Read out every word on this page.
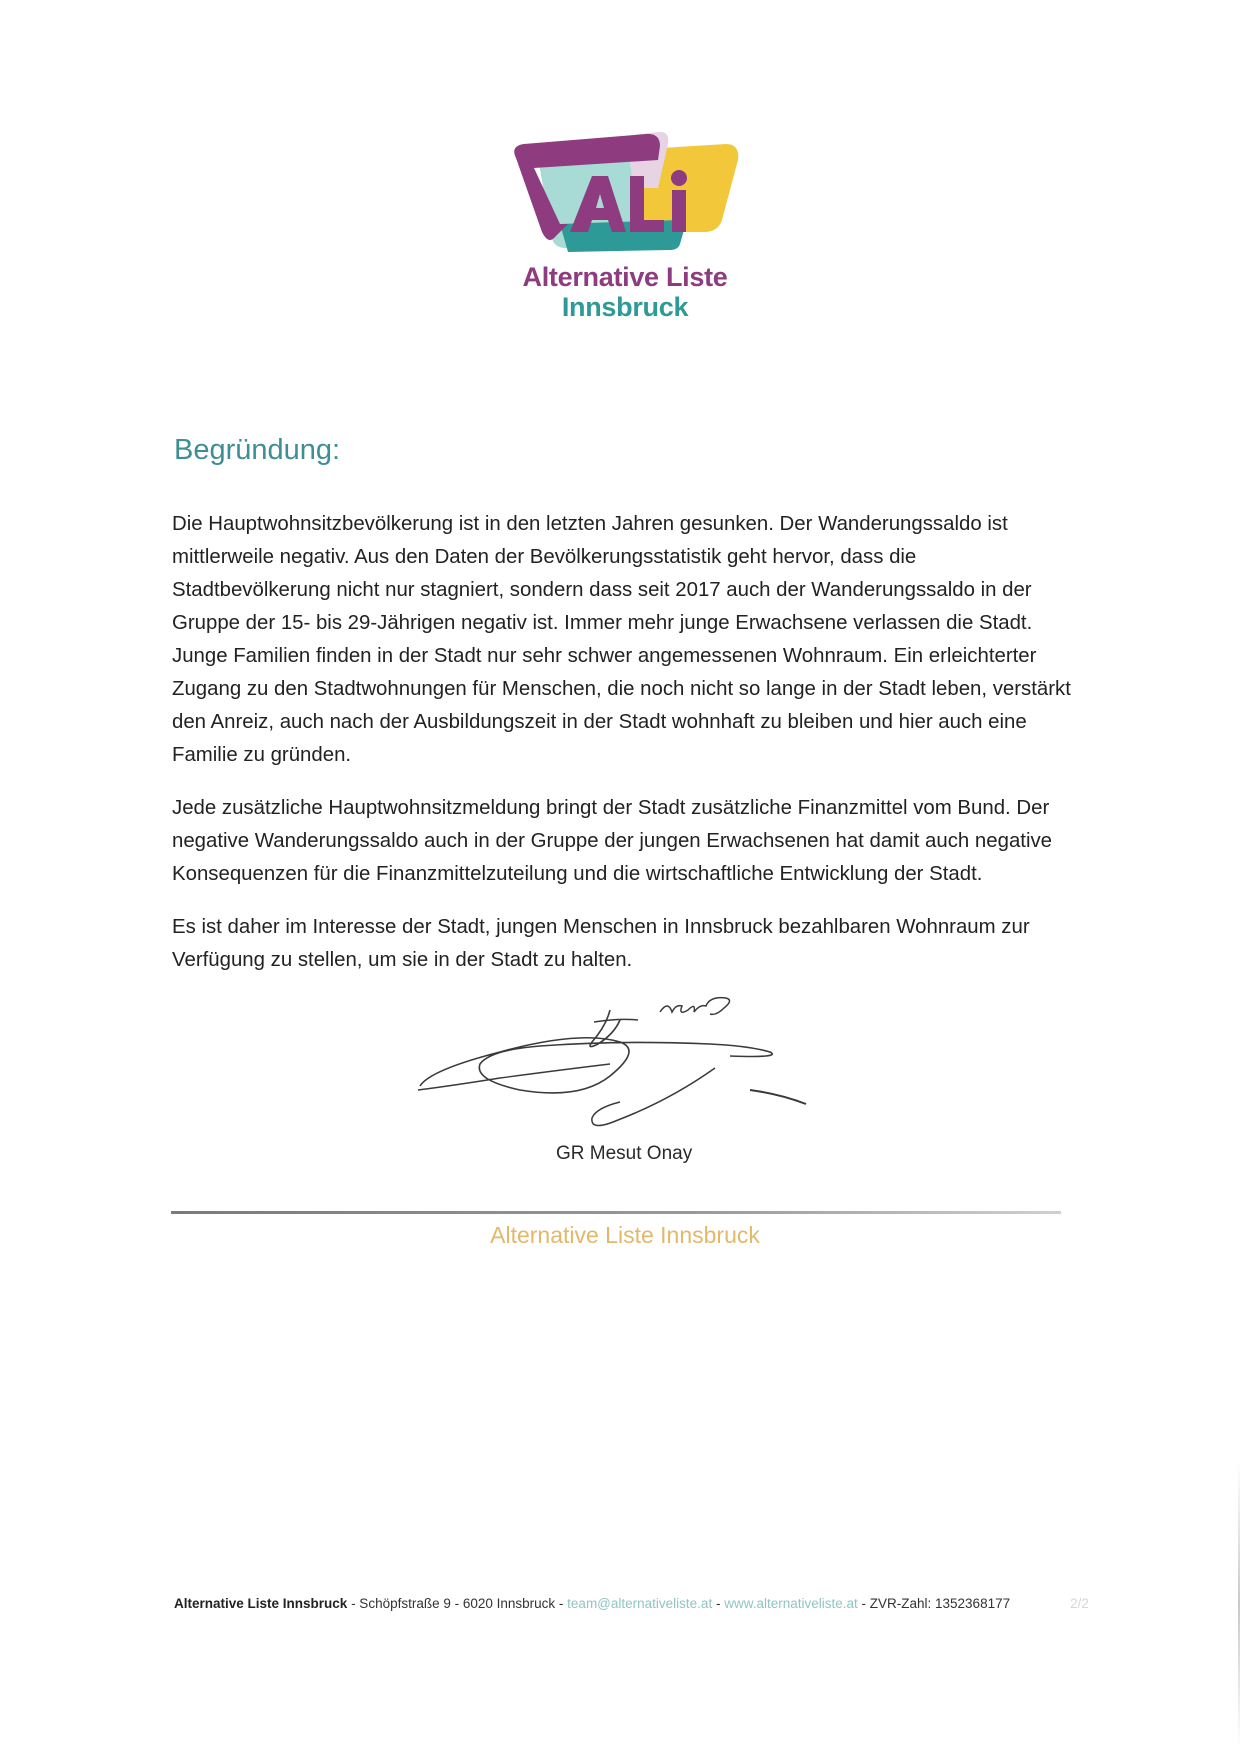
Alternative Liste
Innsbruck
Begründung:

Die Hauptwohnsitzbevölkerung ist in den letzten Jahren gesunken. Der Wanderungssaldo ist mittlerweile negativ. Aus den Daten der Bevölkerungsstatistik geht hervor, dass die Stadtbevölkerung nicht nur stagniert, sondern dass seit 2017 auch der Wanderungssaldo in der Gruppe der 15- bis 29-Jährigen negativ ist. Immer mehr junge Erwachsene verlassen die Stadt. Junge Familien finden in der Stadt nur sehr schwer angemessenen Wohnraum. Ein erleichterter Zugang zu den Stadtwohnungen für Menschen, die noch nicht so lange in der Stadt leben, verstärkt den Anreiz, auch nach der Ausbildungszeit in der Stadt wohnhaft zu bleiben und hier auch eine Familie zu gründen.

Jede zusätzliche Hauptwohnsitzmeldung bringt der Stadt zusätzliche Finanzmittel vom Bund. Der negative Wanderungssaldo auch in der Gruppe der jungen Erwachsenen hat damit auch negative Konsequenzen für die Finanzmittelzuteilung und die wirtschaftliche Entwicklung der Stadt.

Es ist daher im Interesse der Stadt, jungen Menschen in Innsbruck bezahlbaren Wohnraum zur Verfügung zu stellen, um sie in der Stadt zu halten.

GR Mesut Onay
Alternative Liste Innsbruck
Alternative Liste Innsbruck - Schöpfstraße 9 - 6020 Innsbruck - team@alternativeliste.at - www.alternativeliste.at - ZVR-Zahl: 1352368177	2/2
